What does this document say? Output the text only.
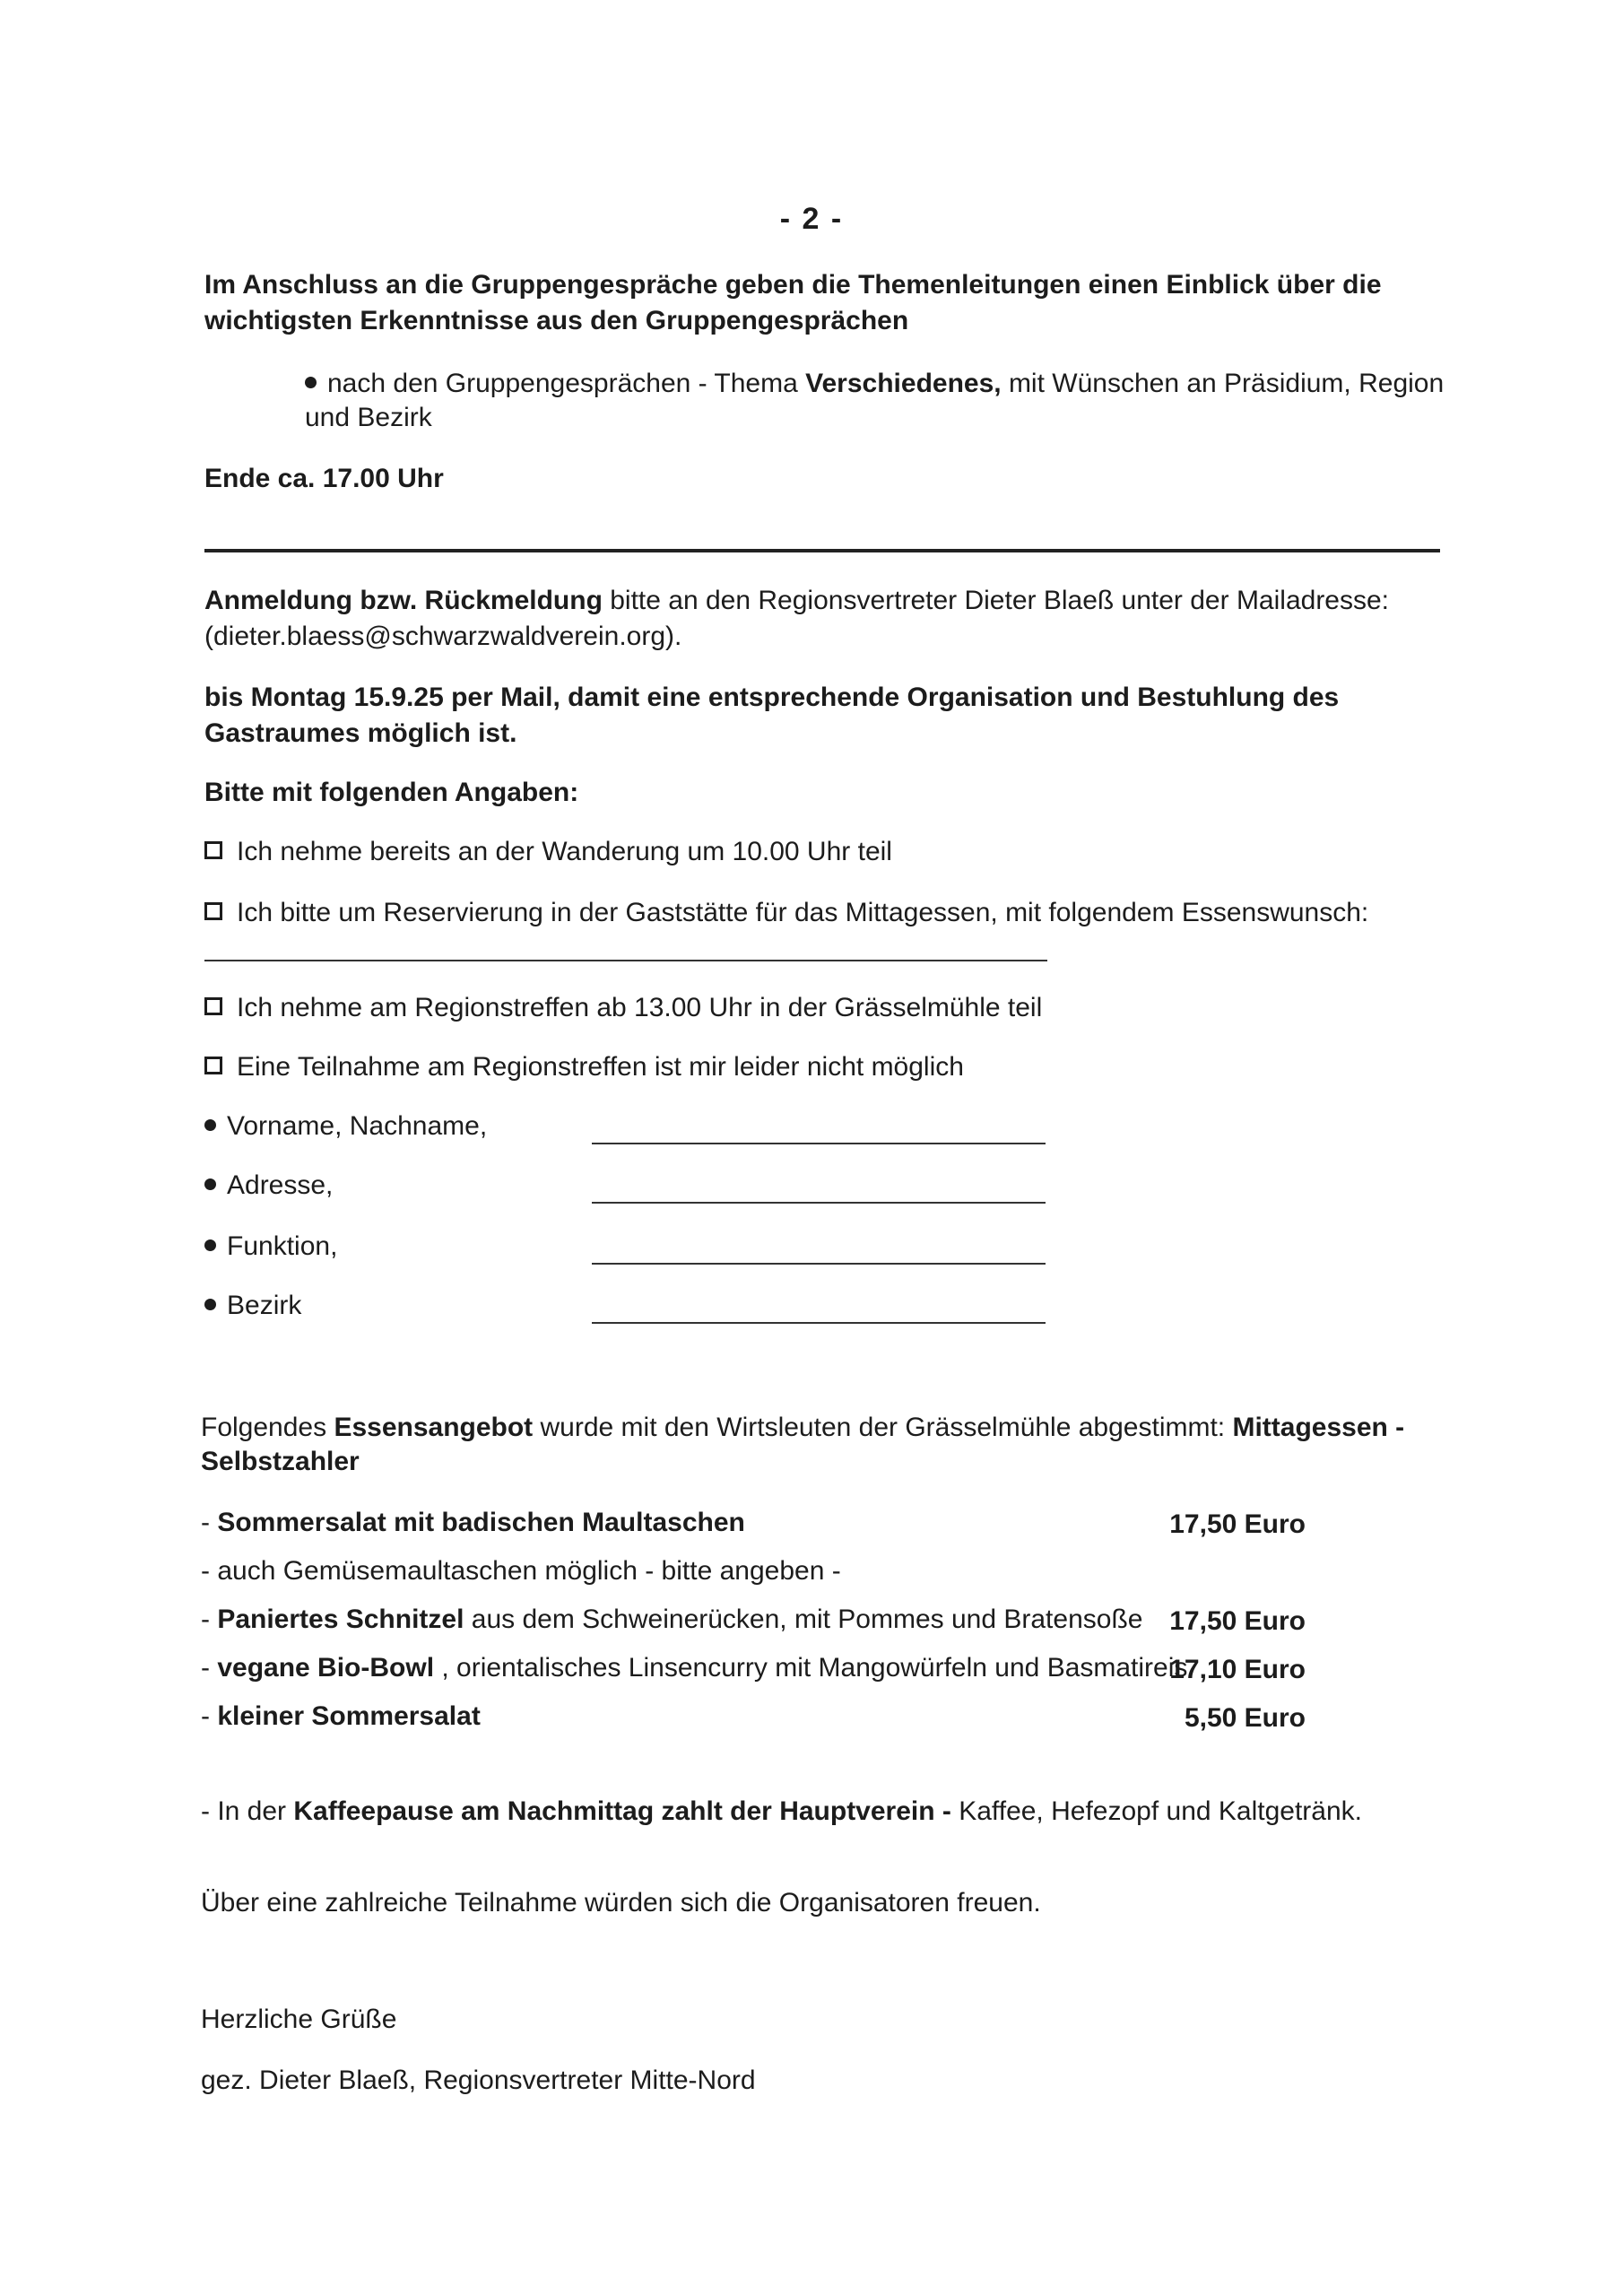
- 2 -
Im Anschluss an die Gruppengespräche geben die Themenleitungen einen Einblick über die
wichtigsten Erkenntnisse aus den Gruppengesprächen
nach den Gruppengesprächen - Thema Verschiedenes, mit Wünschen an Präsidium, Region
und Bezirk
Ende ca. 17.00 Uhr
Anmeldung bzw. Rückmeldung bitte an den Regionsvertreter Dieter Blaeß unter der Mailadresse:
(dieter.blaess@schwarzwaldverein.org).
bis Montag 15.9.25 per Mail, damit eine entsprechende Organisation und Bestuhlung des
Gastraumes möglich ist.
Bitte mit folgenden Angaben:
Ich nehme bereits an der Wanderung um 10.00 Uhr teil
Ich bitte um Reservierung in der Gaststätte für das Mittagessen, mit folgendem Essenswunsch:
Ich nehme am Regionstreffen ab 13.00 Uhr in der Grässelmühle teil
Eine Teilnahme am Regionstreffen ist mir leider nicht möglich
Vorname, Nachname,
Adresse,
Funktion,
Bezirk
Folgendes Essensangebot wurde mit den Wirtsleuten der Grässelmühle abgestimmt: Mittagessen -
Selbstzahler
- Sommersalat mit badischen Maultaschen	17,50 Euro
- auch Gemüsemaultaschen möglich - bitte angeben -
- Paniertes Schnitzel aus dem Schweinerücken, mit Pommes und Bratensoße 17,50 Euro
- vegane Bio-Bowl , orientalisches Linsencurry mit Mangowürfeln und Basmatireis
17,10 Euro
- kleiner Sommersalat	5,50 Euro
- In der Kaffeepause am Nachmittag zahlt der Hauptverein - Kaffee, Hefezopf und Kaltgetränk.
Über eine zahlreiche Teilnahme würden sich die Organisatoren freuen.
Herzliche Grüße
gez. Dieter Blaeß, Regionsvertreter Mitte-Nord
